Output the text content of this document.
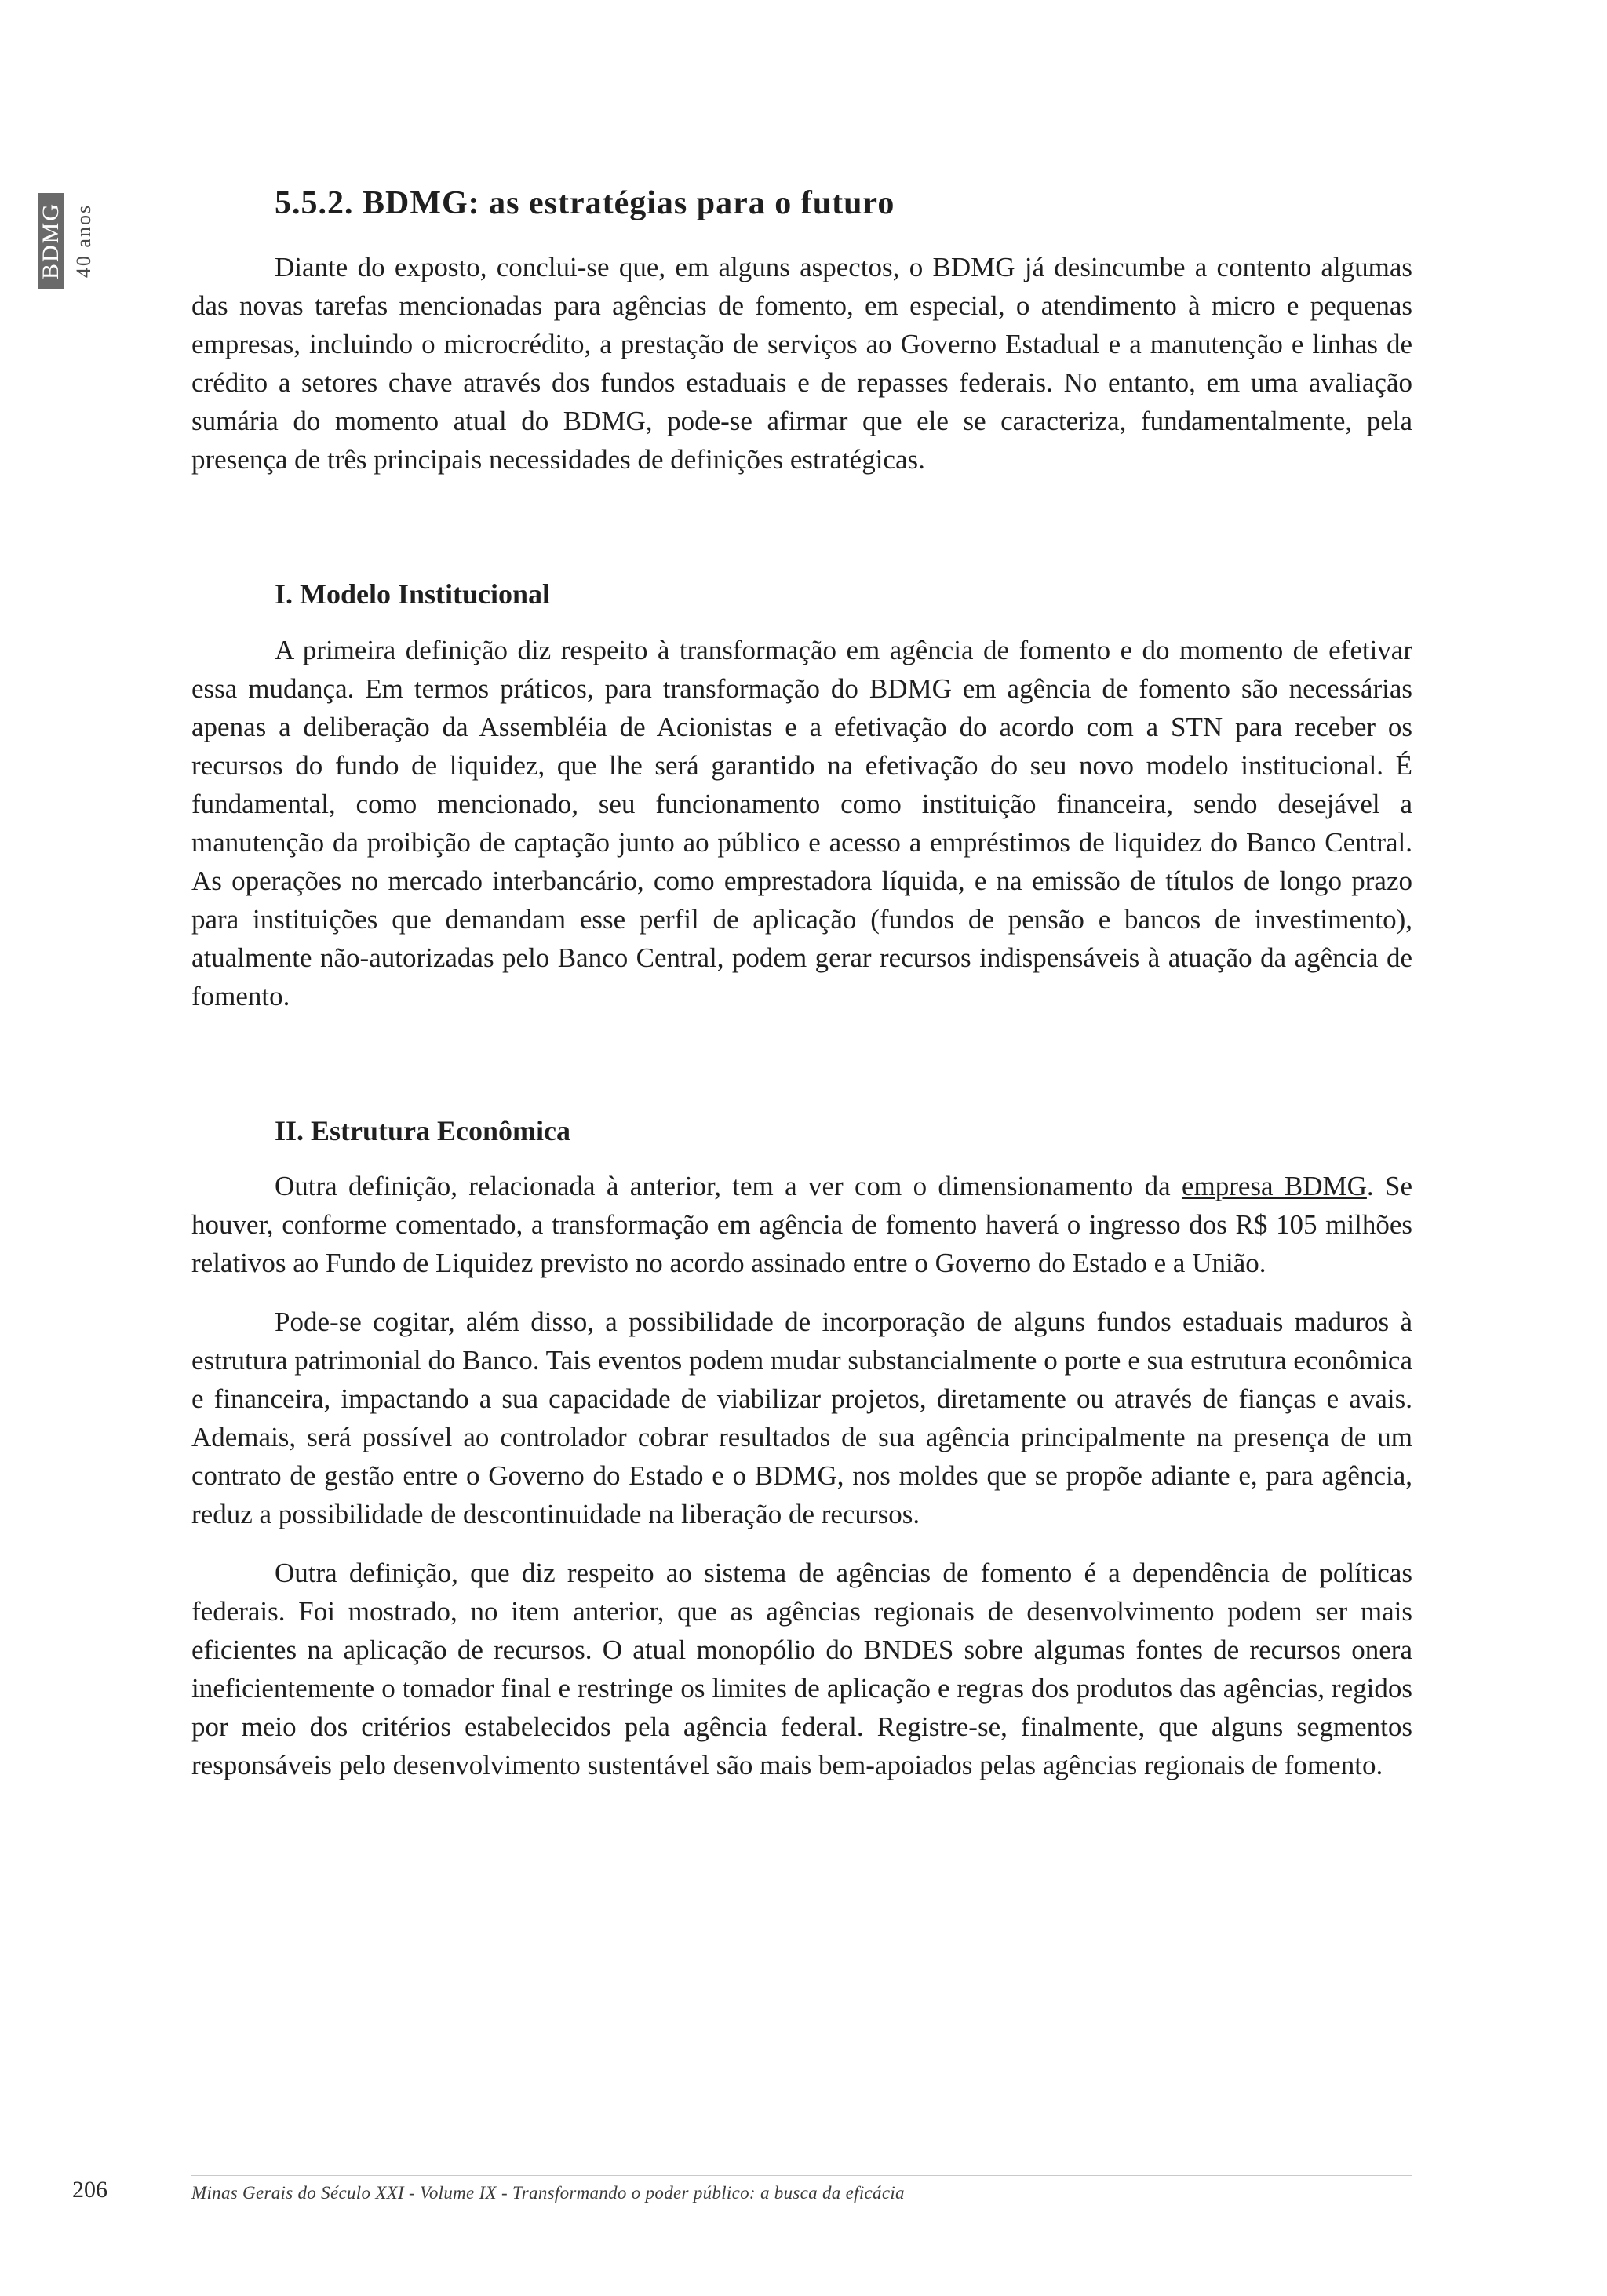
BDMG 40 anos
5.5.2. BDMG: as estratégias para o futuro

Diante do exposto, conclui-se que, em alguns aspectos, o BDMG já desincumbe a contento algumas das novas tarefas mencionadas para agências de fomento, em especial, o atendimento à micro e pequenas empresas, incluindo o microcrédito, a prestação de serviços ao Governo Estadual e a manutenção e linhas de crédito a setores chave através dos fundos estaduais e de repasses federais. No entanto, em uma avaliação sumária do momento atual do BDMG, pode-se afirmar que ele se caracteriza, fundamentalmente, pela presença de três principais necessidades de definições estratégicas.

I. Modelo Institucional

A primeira definição diz respeito à transformação em agência de fomento e do momento de efetivar essa mudança. Em termos práticos, para transformação do BDMG em agência de fomento são necessárias apenas a deliberação da Assembléia de Acionistas e a efetivação do acordo com a STN para receber os recursos do fundo de liquidez, que lhe será garantido na efetivação do seu novo modelo institucional. É fundamental, como mencionado, seu funcionamento como instituição financeira, sendo desejável a manutenção da proibição de captação junto ao público e acesso a empréstimos de liquidez do Banco Central. As operações no mercado interbancário, como emprestadora líquida, e na emissão de títulos de longo prazo para instituições que demandam esse perfil de aplicação (fundos de pensão e bancos de investimento), atualmente não-autorizadas pelo Banco Central, podem gerar recursos indispensáveis à atuação da agência de fomento.

II. Estrutura Econômica

Outra definição, relacionada à anterior, tem a ver com o dimensionamento da empresa BDMG. Se houver, conforme comentado, a transformação em agência de fomento haverá o ingresso dos R$ 105 milhões relativos ao Fundo de Liquidez previsto no acordo assinado entre o Governo do Estado e a União.

Pode-se cogitar, além disso, a possibilidade de incorporação de alguns fundos estaduais maduros à estrutura patrimonial do Banco. Tais eventos podem mudar substancialmente o porte e sua estrutura econômica e financeira, impactando a sua capacidade de viabilizar projetos, diretamente ou através de fianças e avais. Ademais, será possível ao controlador cobrar resultados de sua agência principalmente na presença de um contrato de gestão entre o Governo do Estado e o BDMG, nos moldes que se propõe adiante e, para agência, reduz a possibilidade de descontinuidade na liberação de recursos.

Outra definição, que diz respeito ao sistema de agências de fomento é a dependência de políticas federais. Foi mostrado, no item anterior, que as agências regionais de desenvolvimento podem ser mais eficientes na aplicação de recursos. O atual monopólio do BNDES sobre algumas fontes de recursos onera ineficientemente o tomador final e restringe os limites de aplicação e regras dos produtos das agências, regidos por meio dos critérios estabelecidos pela agência federal. Registre-se, finalmente, que alguns segmentos responsáveis pelo desenvolvimento sustentável são mais bem-apoiados pelas agências regionais de fomento.

206	Minas Gerais do Século XXI - Volume IX - Transformando o poder público: a busca da eficácia
